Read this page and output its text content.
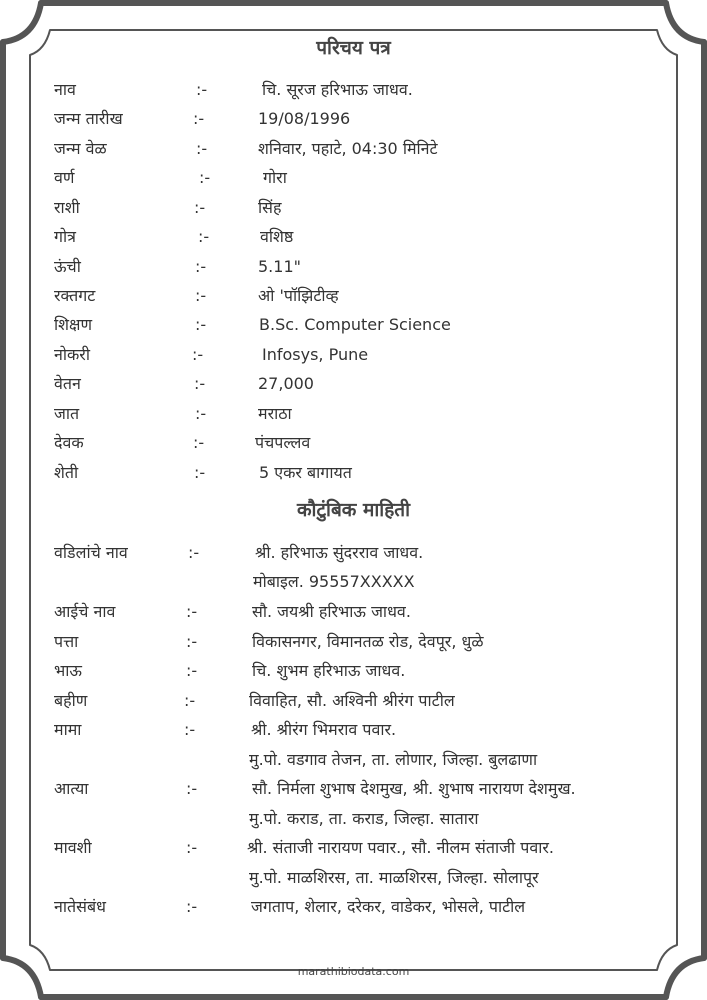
परिचय पत्र
नाव	:-	चि. सूरज हरिभाऊ जाधव.
जन्म तारीख	:-	19/08/1996
जन्म वेळ	:-	शनिवार, पहाटे, 04:30 मिनिटे
वर्ण	:-	गोरा
राशी	:-	सिंह
गोत्र	:-	वशिष्ठ
ऊंची	:-	5.11"
रक्तगट	:-	ओ 'पॉझिटीव्ह
शिक्षण	:-	B.Sc. Computer Science
नोकरी	:-	Infosys, Pune
वेतन	:-	27,000
जात	:-	मराठा
देवक	:-	पंचपल्लव
शेती	:-	5 एकर बागायत
कौटुंबिक माहिती
वडिलांचे नाव	:-	श्री. हरिभाऊ सुंदरराव जाधव.
मोबाइल. 95557XXXXX
आईचे नाव	:-	सौ. जयश्री हरिभाऊ जाधव.
पत्ता	:-	विकासनगर, विमानतळ रोड, देवपूर, धुळे
भाऊ	:-	चि. शुभम हरिभाऊ जाधव.
बहीण	:-	विवाहित, सौ. अश्विनी श्रीरंग पाटील
मामा	:-	श्री. श्रीरंग भिमराव पवार.
मु.पो. वडगाव तेजन, ता. लोणार, जिल्हा. बुलढाणा
आत्या	:-	सौ. निर्मला शुभाष देशमुख, श्री. शुभाष नारायण देशमुख.
मु.पो. कराड, ता. कराड, जिल्हा. सातारा
मावशी	:-	श्री. संताजी नारायण पवार., सौ. नीलम संताजी पवार.
मु.पो. माळशिरस, ता. माळशिरस, जिल्हा. सोलापूर
नातेसंबंध	:-	जगताप, शेलार, दरेकर, वाडेकर, भोसले, पाटील
marathibiodata.com
